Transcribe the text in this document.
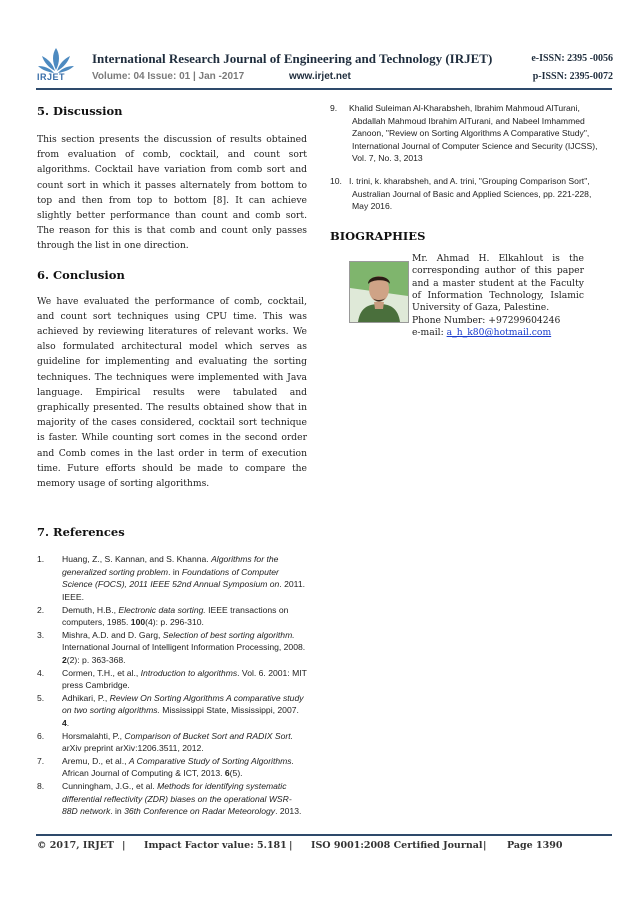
IRJET
International Research Journal of Engineering and Technology (IRJET)	e-ISSN: 2395 -0056
Volume: 04 Issue: 01 | Jan -2017	www.irjet.net	p-ISSN: 2395-0072
5. Discussion

This section presents the discussion of results obtained from evaluation of comb, cocktail, and count sort algorithms. Cocktail have variation from comb sort and count sort in which it passes alternately from bottom to top and then from top to bottom [8]. It can achieve slightly better performance than count and comb sort. The reason for this is that comb and count only passes through the list in one direction.

6. Conclusion

We have evaluated the performance of comb, cocktail, and count sort techniques using CPU time. This was achieved by reviewing literatures of relevant works. We also formulated architectural model which serves as guideline for implementing and evaluating the sorting techniques. The techniques were implemented with Java language. Empirical results were tabulated and graphically presented. The results obtained show that in majority of the cases considered, cocktail sort technique is faster. While counting sort comes in the second order and Comb comes in the last order in term of execution time. Future efforts should be made to compare the memory usage of sorting algorithms.

7. References
1. Huang, Z., S. Kannan, and S. Khanna. Algorithms for the generalized sorting problem. in Foundations of Computer Science (FOCS), 2011 IEEE 52nd Annual Symposium on. 2011. IEEE.
2. Demuth, H.B., Electronic data sorting. IEEE transactions on computers, 1985. 100(4): p. 296-310.
3. Mishra, A.D. and D. Garg, Selection of best sorting algorithm. International Journal of Intelligent Information Processing, 2008. 2(2): p. 363-368.
4. Cormen, T.H., et al., Introduction to algorithms. Vol. 6. 2001: MIT press Cambridge.
5. Adhikari, P., Review On Sorting Algorithms A comparative study on two sorting algorithms. Mississippi State, Mississippi, 2007. 4.
6. Horsmalahti, P., Comparison of Bucket Sort and RADIX Sort. arXiv preprint arXiv:1206.3511, 2012.
7. Aremu, D., et al., A Comparative Study of Sorting Algorithms. African Journal of Computing & ICT, 2013. 6(5).
8. Cunningham, J.G., et al. Methods for identifying systematic differential reflectivity (ZDR) biases on the operational WSR-88D network. in 36th Conference on Radar Meteorology. 2013.
9. Khalid Suleiman Al-Kharabsheh, Ibrahim Mahmoud AlTurani, Abdallah Mahmoud Ibrahim AlTurani, and Nabeel Imhammed Zanoon, "Review on Sorting Algorithms A Comparative Study", International Journal of Computer Science and Security (IJCSS), Vol. 7, No. 3, 2013
10. I. trini, k. kharabsheh, and A. trini, "Grouping Comparison Sort", Australian Journal of Basic and Applied Sciences, pp. 221-228, May 2016.
BIOGRAPHIES
Mr. Ahmad H. Elkahlout is the corresponding author of this paper and a master student at the Faculty of Information Technology, Islamic University of Gaza, Palestine.
Phone Number: +97299604246
e-mail: a_h_k80@hotmail.com
© 2017, IRJET | Impact Factor value: 5.181 | ISO 9001:2008 Certified Journal | Page 1390
